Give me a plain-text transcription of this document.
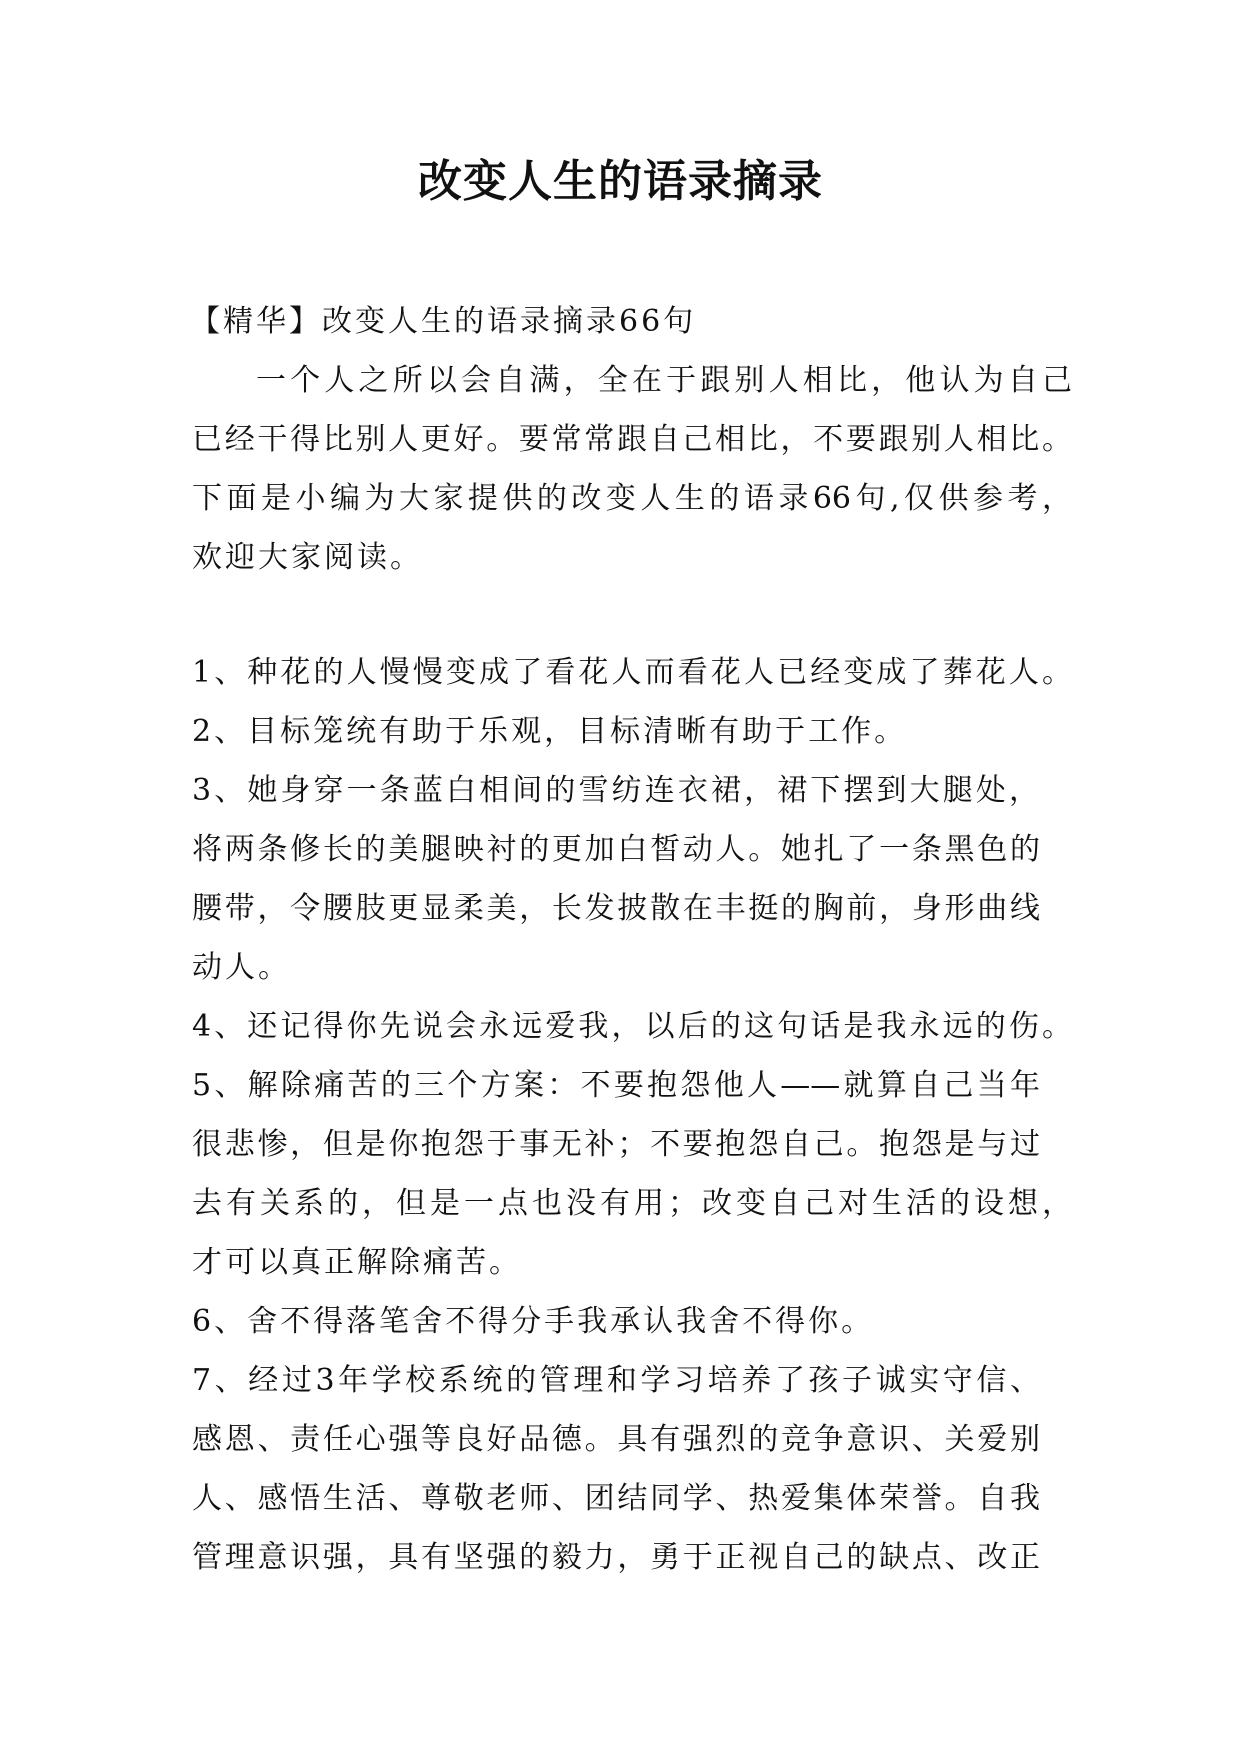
改变人生的语录摘录

【精华】改变人生的语录摘录66句

一个人之所以会自满，全在于跟别人相比，他认为自己

已经干得比别人更好。要常常跟自己相比，不要跟别人相比。

下面是小编为大家提供的改变人生的语录66句,仅供参考，

欢迎大家阅读。

1、种花的人慢慢变成了看花人而看花人已经变成了葬花人。

2、目标笼统有助于乐观，目标清晰有助于工作。

3、她身穿一条蓝白相间的雪纺连衣裙，裙下摆到大腿处，

将两条修长的美腿映衬的更加白皙动人。她扎了一条黑色的

腰带，令腰肢更显柔美，长发披散在丰挺的胸前，身形曲线

动人。

4、还记得你先说会永远爱我，以后的这句话是我永远的伤。

5、解除痛苦的三个方案：不要抱怨他人——就算自己当年

很悲惨，但是你抱怨于事无补；不要抱怨自己。抱怨是与过

去有关系的，但是一点也没有用；改变自己对生活的设想，

才可以真正解除痛苦。

6、舍不得落笔舍不得分手我承认我舍不得你。

7、经过3年学校系统的管理和学习培养了孩子诚实守信、

感恩、责任心强等良好品德。具有强烈的竞争意识、关爱别

人、感悟生活、尊敬老师、团结同学、热爱集体荣誉。自我

管理意识强，具有坚强的毅力，勇于正视自己的缺点、改正
